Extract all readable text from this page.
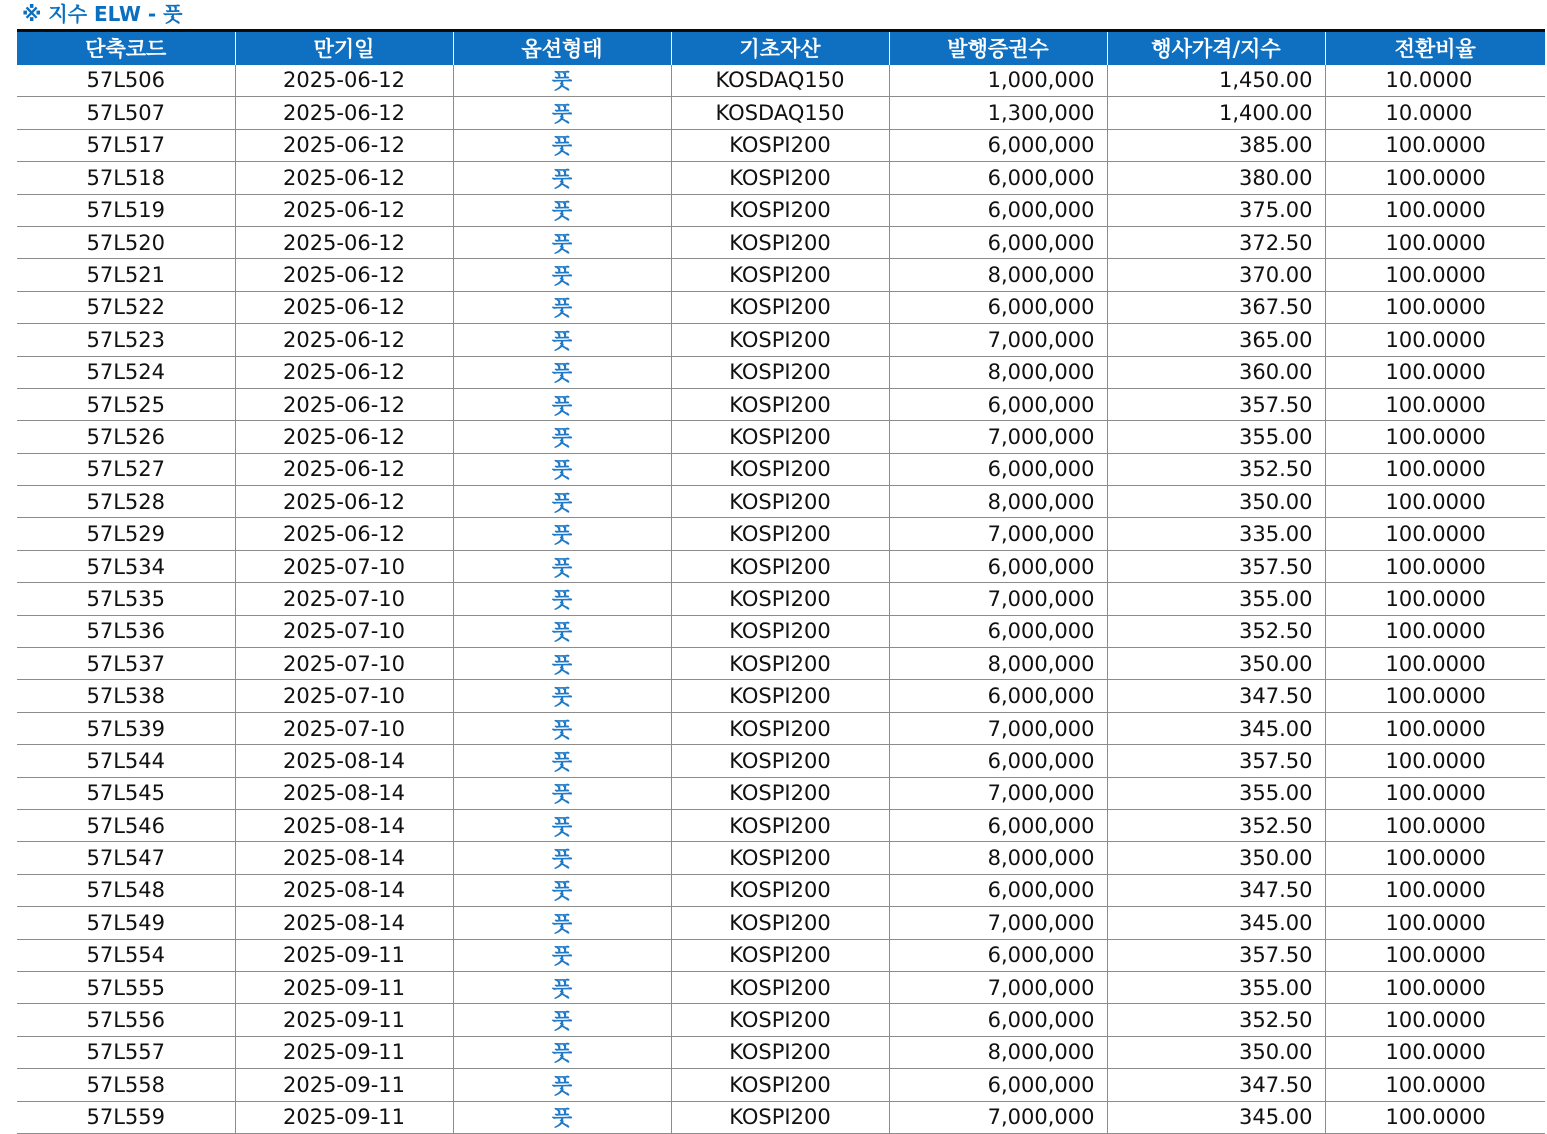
※ 지수 ELW - 풋
단축코드	만기일	옵션형태	기초자산	발행증권수	행사가격/지수	전환비율
57L506	2025-06-12	풋	KOSDAQ150	1,000,000	1,450.00	10.0000
57L507	2025-06-12	풋	KOSDAQ150	1,300,000	1,400.00	10.0000
57L517	2025-06-12	풋	KOSPI200	6,000,000	385.00	100.0000
57L518	2025-06-12	풋	KOSPI200	6,000,000	380.00	100.0000
57L519	2025-06-12	풋	KOSPI200	6,000,000	375.00	100.0000
57L520	2025-06-12	풋	KOSPI200	6,000,000	372.50	100.0000
57L521	2025-06-12	풋	KOSPI200	8,000,000	370.00	100.0000
57L522	2025-06-12	풋	KOSPI200	6,000,000	367.50	100.0000
57L523	2025-06-12	풋	KOSPI200	7,000,000	365.00	100.0000
57L524	2025-06-12	풋	KOSPI200	8,000,000	360.00	100.0000
57L525	2025-06-12	풋	KOSPI200	6,000,000	357.50	100.0000
57L526	2025-06-12	풋	KOSPI200	7,000,000	355.00	100.0000
57L527	2025-06-12	풋	KOSPI200	6,000,000	352.50	100.0000
57L528	2025-06-12	풋	KOSPI200	8,000,000	350.00	100.0000
57L529	2025-06-12	풋	KOSPI200	7,000,000	335.00	100.0000
57L534	2025-07-10	풋	KOSPI200	6,000,000	357.50	100.0000
57L535	2025-07-10	풋	KOSPI200	7,000,000	355.00	100.0000
57L536	2025-07-10	풋	KOSPI200	6,000,000	352.50	100.0000
57L537	2025-07-10	풋	KOSPI200	8,000,000	350.00	100.0000
57L538	2025-07-10	풋	KOSPI200	6,000,000	347.50	100.0000
57L539	2025-07-10	풋	KOSPI200	7,000,000	345.00	100.0000
57L544	2025-08-14	풋	KOSPI200	6,000,000	357.50	100.0000
57L545	2025-08-14	풋	KOSPI200	7,000,000	355.00	100.0000
57L546	2025-08-14	풋	KOSPI200	6,000,000	352.50	100.0000
57L547	2025-08-14	풋	KOSPI200	8,000,000	350.00	100.0000
57L548	2025-08-14	풋	KOSPI200	6,000,000	347.50	100.0000
57L549	2025-08-14	풋	KOSPI200	7,000,000	345.00	100.0000
57L554	2025-09-11	풋	KOSPI200	6,000,000	357.50	100.0000
57L555	2025-09-11	풋	KOSPI200	7,000,000	355.00	100.0000
57L556	2025-09-11	풋	KOSPI200	6,000,000	352.50	100.0000
57L557	2025-09-11	풋	KOSPI200	8,000,000	350.00	100.0000
57L558	2025-09-11	풋	KOSPI200	6,000,000	347.50	100.0000
57L559	2025-09-11	풋	KOSPI200	7,000,000	345.00	100.0000
